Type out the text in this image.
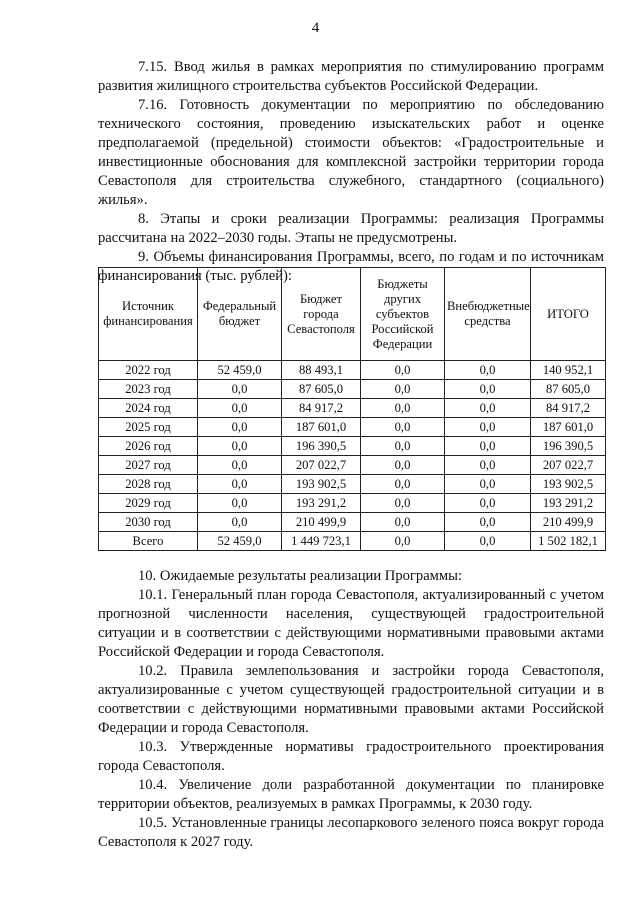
4

7.15. Ввод жилья в рамках мероприятия по стимулированию программ развития жилищного строительства субъектов Российской Федерации.

7.16. Готовность документации по мероприятию по обследованию технического состояния, проведению изыскательских работ и оценке предполагаемой (предельной) стоимости объектов: «Градостроительные и инвестиционные обоснования для комплексной застройки территории города Севастополя для строительства служебного, стандартного (социального) жилья».

8. Этапы и сроки реализации Программы: реализация Программы рассчитана на 2022–2030 годы. Этапы не предусмотрены.

9. Объемы финансирования Программы, всего, по годам и по источникам финансирования (тыс. рублей):

Источник финансирования	Федеральный бюджет	Бюджет города Севастополя	Бюджеты других субъектов Российской Федерации	Внебюджетные средства	ИТОГО
2022 год	52 459,0	88 493,1	0,0	0,0	140 952,1
2023 год	0,0	87 605,0	0,0	0,0	87 605,0
2024 год	0,0	84 917,2	0,0	0,0	84 917,2
2025 год	0,0	187 601,0	0,0	0,0	187 601,0
2026 год	0,0	196 390,5	0,0	0,0	196 390,5
2027 год	0,0	207 022,7	0,0	0,0	207 022,7
2028 год	0,0	193 902,5	0,0	0,0	193 902,5
2029 год	0,0	193 291,2	0,0	0,0	193 291,2
2030 год	0,0	210 499,9	0,0	0,0	210 499,9
Всего	52 459,0	1 449 723,1	0,0	0,0	1 502 182,1

10. Ожидаемые результаты реализации Программы:

10.1. Генеральный план города Севастополя, актуализированный с учетом прогнозной численности населения, существующей градостроительной ситуации и в соответствии с действующими нормативными правовыми актами Российской Федерации и города Севастополя.

10.2. Правила землепользования и застройки города Севастополя, актуализированные с учетом существующей градостроительной ситуации и в соответствии с действующими нормативными правовыми актами Российской Федерации и города Севастополя.

10.3. Утвержденные нормативы градостроительного проектирования города Севастополя.

10.4. Увеличение доли разработанной документации по планировке территории объектов, реализуемых в рамках Программы, к 2030 году.

10.5. Установленные границы лесопаркового зеленого пояса вокруг города Севастополя к 2027 году.
